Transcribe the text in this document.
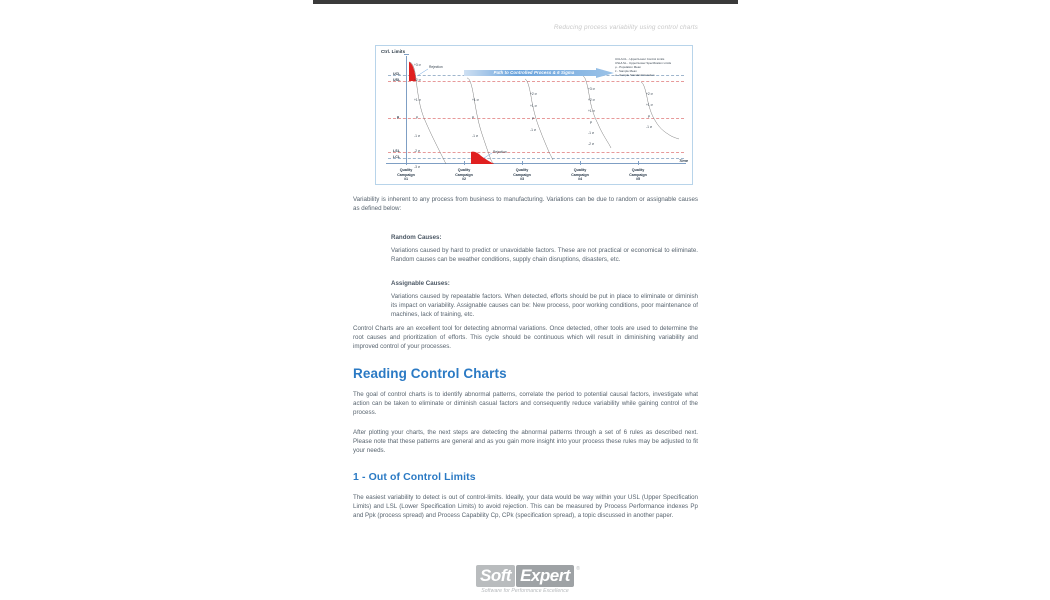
Reducing process variability using control charts
Ctrl. Limits
UCL
USL
μ
LSL
LCL
+3 σ
+2 σ
+1 σ
μ
-1 σ
-2 σ
-3 σ
+1 σ
μ
-1 σ
+2 σ
+1 σ
μ
-1 σ
+3 σ
+2 σ
+1 σ
μ
-1 σ
-2 σ
+2 σ
+1 σ
μ
-1 σ
Rejection
Rejection
Path to Controlled Process & 6 Sigma
UCL/LCL - Upper/Lower Control Limits
USL/LSL - Upper/Lower Specification Limits
μ - Population Mean
x̄ - Sample Mean
σ - Sample Standard Deviation
Quality
Campaign
#1
Quality
Campaign
#2
Quality
Campaign
#3
Quality
Campaign
#4
Quality
Campaign
#5
Time
Variability is inherent to any process from business to manufacturing. Variations can be due to random or assignable causes as defined below:
Random Causes:
Variations caused by hard to predict or unavoidable factors. These are not practical or economical to eliminate. Random causes can be weather conditions, supply chain disruptions, disasters, etc.
Assignable Causes:
Variations caused by repeatable factors. When detected, efforts should be put in place to eliminate or diminish its impact on variability. Assignable causes can be: New process, poor working conditions, poor maintenance of machines, lack of training, etc.
Control Charts are an excellent tool for detecting abnormal variations. Once detected, other tools are used to determine the root causes and prioritization of efforts. This cycle should be continuous which will result in diminishing variability and improved control of your processes.
Reading Control Charts
The goal of control charts is to identify abnormal patterns, correlate the period to potential causal factors, investigate what action can be taken to eliminate or diminish casual factors and consequently reduce variability while gaining control of the process.
After plotting your charts, the next steps are detecting the abnormal patterns through a set of 6 rules as described next. Please note that these patterns are general and as you gain more insight into your process these rules may be adjusted to fit your needs.
1 - Out of Control Limits
The easiest variability to detect is out of control-limits. Ideally, your data would be way within your USL (Upper Specification Limits) and LSL (Lower Specification Limits) to avoid rejection. This can be measured by Process Performance indexes Pp and Ppk (process spread) and Process Capability Cp, CPk (specification spread), a topic discussed in another paper.
Soft Expert ®
Software for Performance Excellence
